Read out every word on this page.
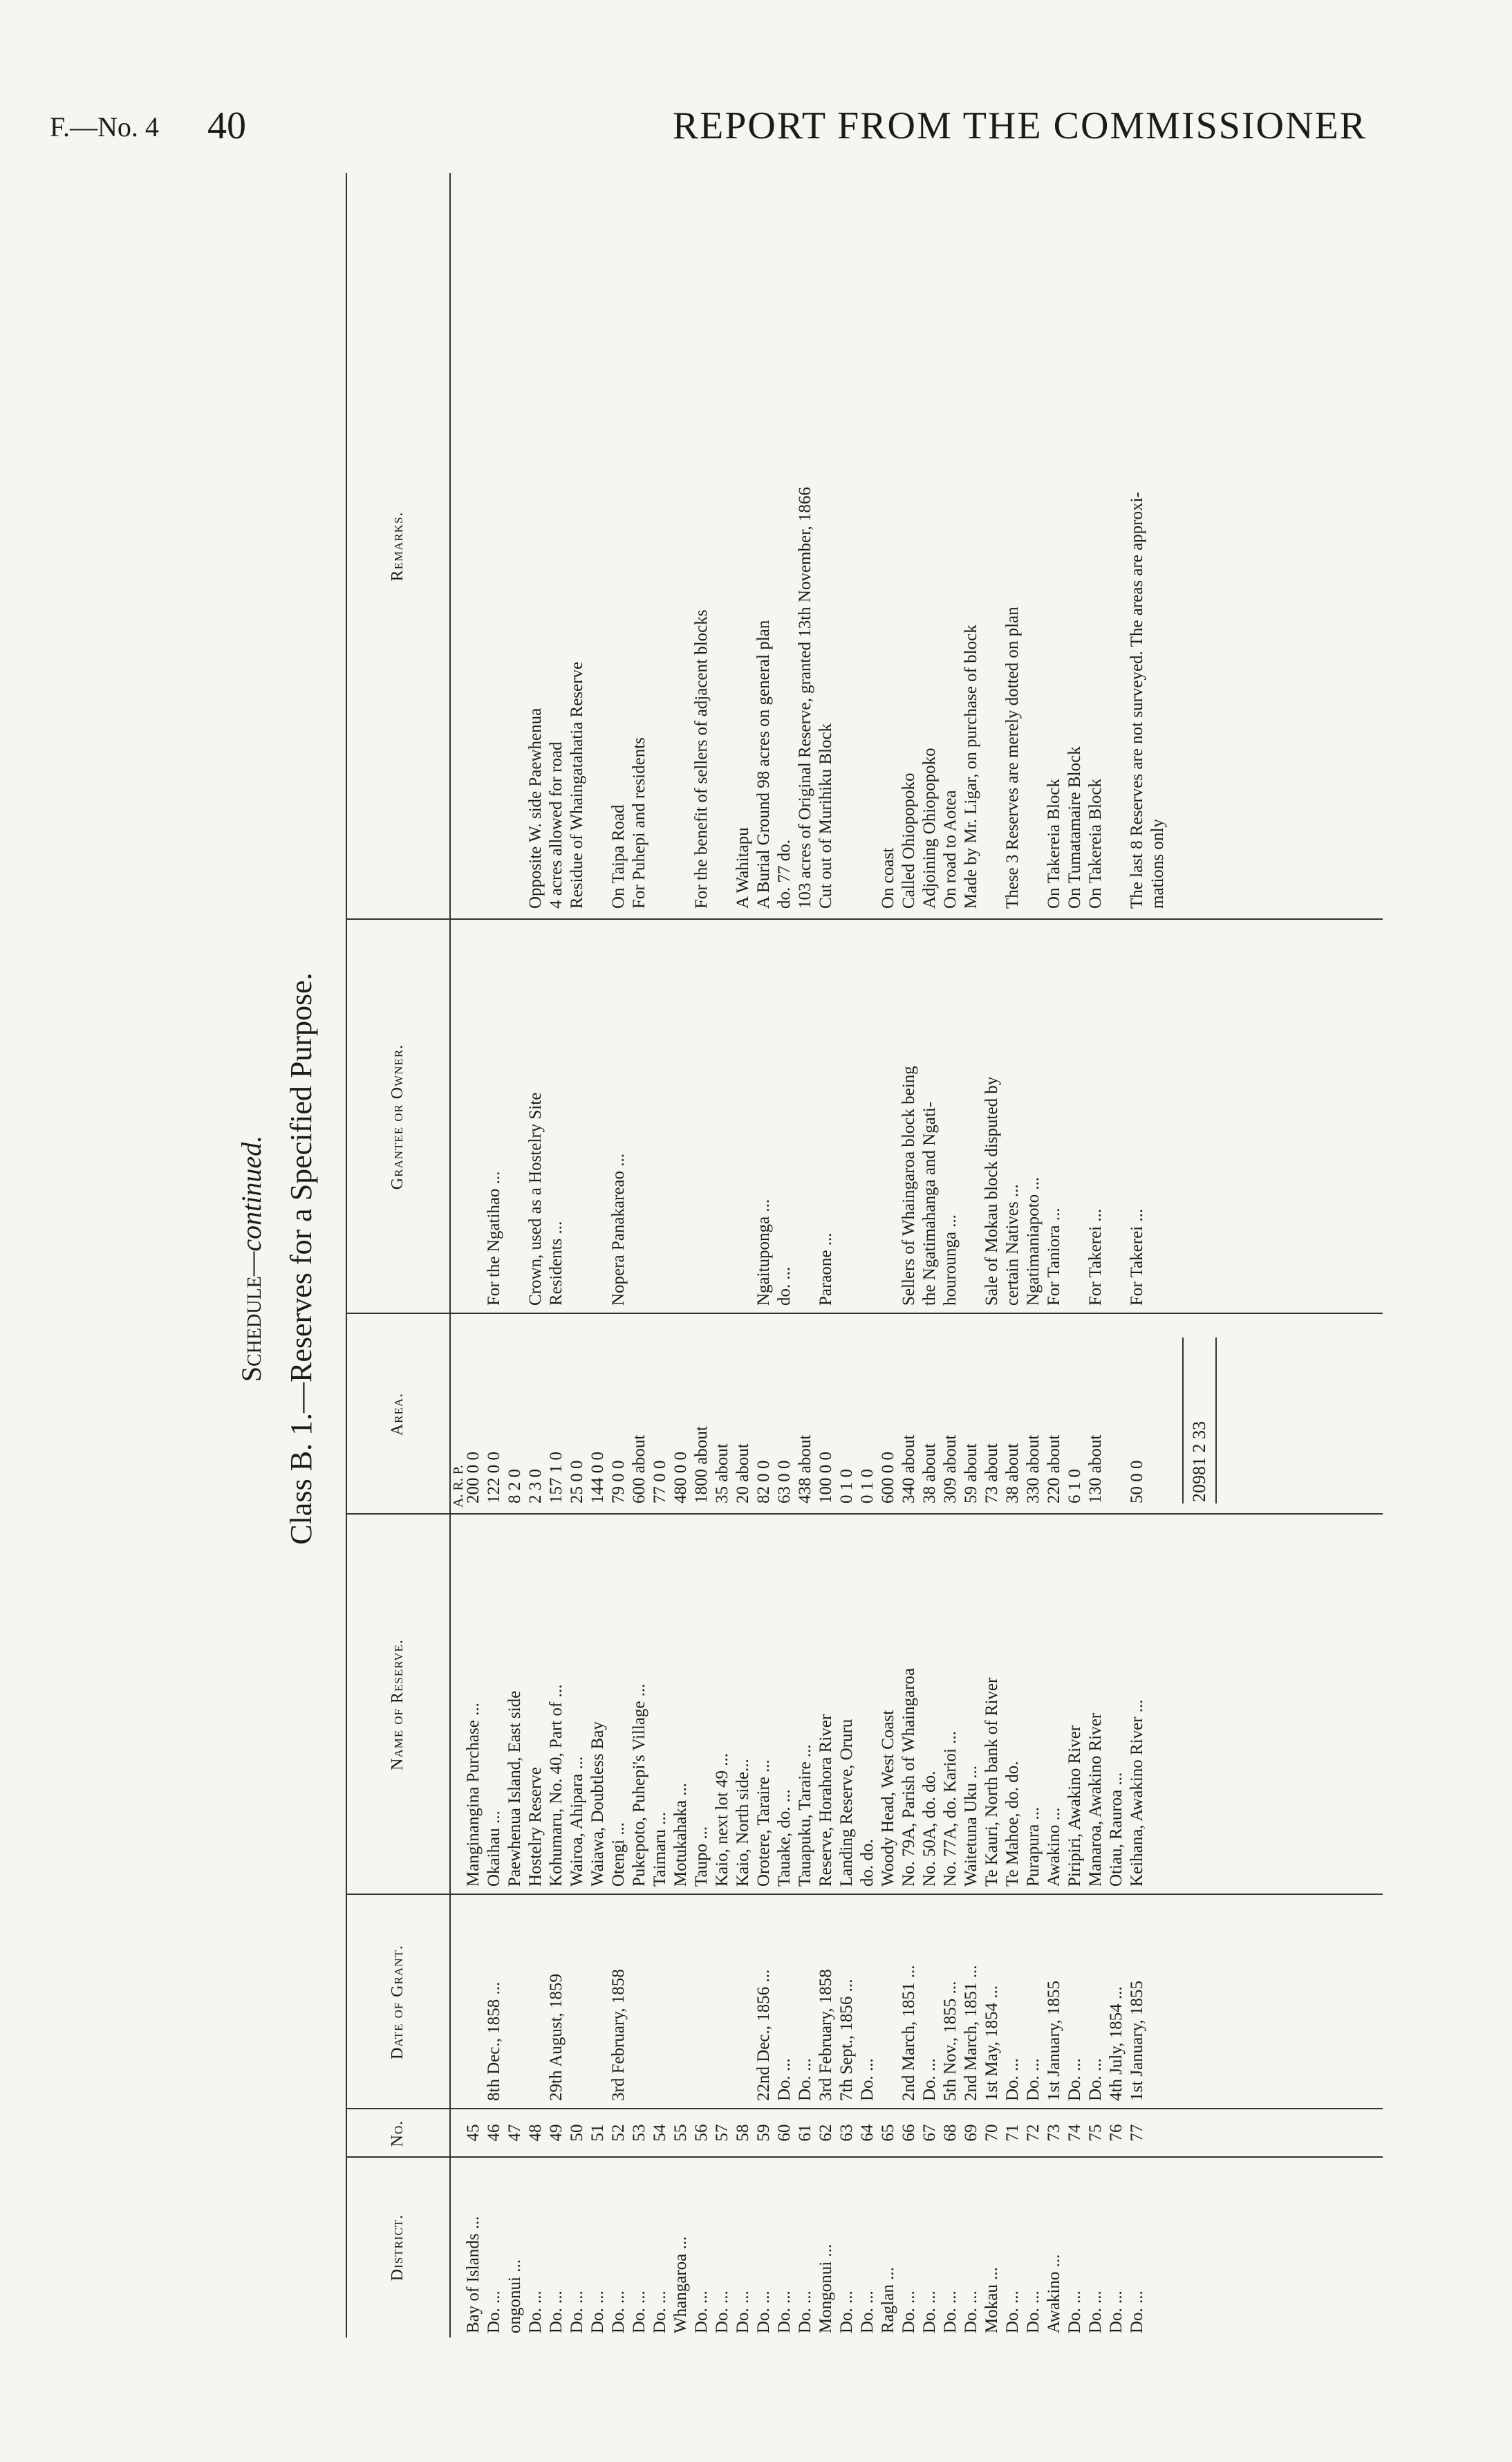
F.—No. 4 40	REPORT FROM THE COMMISSIONER
Schedule—continued. Class B. 1.—Reserves for a Specified Purpose.
District.
No.
Date of Grant.
Name of Reserve.
Area.
Grantee or Owner.
Remarks.
A. R. P.
Bay of Islands ...
45
Manginangina Purchase ...
200 0 0
Do. ...
46
8th Dec., 1858 ...
Okaihau ...
122 0 0
For the Ngatihao ...
ongonui ...
47
Paewhenua Island, East side
8 2 0
Do. ...
48
Hostelry Reserve
2 3 0
Crown, used as a Hostelry Site
Opposite W. side Paewhenua
Do. ...
49
29th August, 1859
Kohumaru, No. 40, Part of ...
157 1 0
Residents ...
4 acres allowed for road
Do. ...
50
Wairoa, Ahipara ...
25 0 0
Residue of Whaingatahatia Reserve
Do. ...
51
Waiawa, Doubtless Bay
144 0 0
Do. ...
52
3rd February, 1858
Otengi ...
79 0 0
Nopera Panakareao ...
On Taipa Road
Do. ...
53
Pukepoto, Puhepi's Village ...
600 about
For Puhepi and residents
Do. ...
54
Taimaru ...
77 0 0
Whangaroa ...
55
Motukahaka ...
480 0 0
Do. ...
56
Taupo ...
1800 about
For the benefit of sellers of adjacent blocks
Do. ...
57
Kaio, next lot 49 ...
35 about
Do. ...
58
Kaio, North side...
20 about
A Wahitapu
Do. ...
59
22nd Dec., 1856 ...
Orotere, Taraire ...
82 0 0
Ngaituponga ...
A Burial Ground 98 acres on general plan
Do. ...
60
Do. ...
Tauake, do. ...
63 0 0
do. ...
do. 77 do.
Do. ...
61
Do. ...
Tauapuku, Taraire ...
438 about
103 acres of Original Reserve, granted 13th November, 1866
Mongonui ...
62
3rd February, 1858
Reserve, Horahora River
100 0 0
Paraone ...
Cut out of Murihiku Block
Do. ...
63
7th Sept., 1856 ...
Landing Reserve, Oruru
0 1 0
Do. ...
64
Do. ...
do. do.
0 1 0
Raglan ...
65
Woody Head, West Coast
600 0 0
On coast
Do. ...
66
2nd March, 1851 ...
No. 79A, Parish of Whaingaroa
340 about
Sellers of Whaingaroa block being
Called Ohiopopoko
Do. ...
67
Do. ...
No. 50A, do. do.
38 about
the Ngatimahanga and Ngati-
Adjoining Ohiopopoko
Do. ...
68
5th Nov., 1855 ...
No. 77A, do. Karioi ...
309 about
hourounga ...
On road to Aotea
Do. ...
69
2nd March, 1851 ...
Waitetuna Uku ...
59 about
Made by Mr. Ligar, on purchase of block
Mokau ...
70
1st May, 1854 ...
Te Kauri, North bank of River
73 about
Sale of Mokau block disputed by
Do. ...
71
Do. ...
Te Mahoe, do. do.
38 about
certain Natives ...
These 3 Reserves are merely dotted on plan
Do. ...
72
Do. ...
Purapura ...
330 about
Ngatimaniapoto ...
Awakino ...
73
1st January, 1855
Awakino ...
220 about
For Taniora ...
On Takereia Block
Do. ...
74
Do. ...
Piripiri, Awakino River
6 1 0
On Tumatamaire Block
Do. ...
75
Do. ...
Manaroa, Awakino River
130 about
For Takerei ...
On Takereia Block
Do. ...
76
4th July, 1854 ...
Otiau, Rauroa ...
Do. ...
77
1st January, 1855
Keihana, Awakino River ...
50 0 0
For Takerei ...
The last 8 Reserves are not surveyed. The areas are approxi- mations only
20981 2 33
